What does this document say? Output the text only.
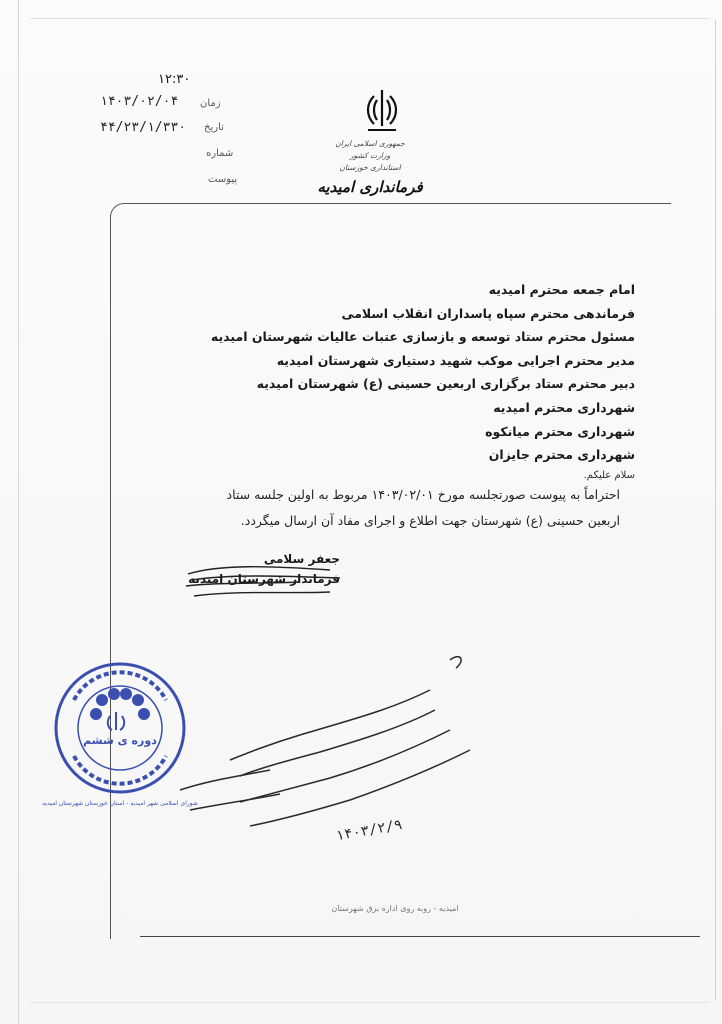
۱۲:۳۰
۱۴۰۳/۰۲/۰۴ زمان
۴۴/۲۳/۱/۳۳۰ تاریخ
شماره
پیوست
جمهوری اسلامی ایران
وزارت کشور
استانداری خوزستان
فرمانداری امیدیه
امام جمعه محترم امیدیه
فرماندهی محترم سپاه پاسداران انقلاب اسلامی
مسئول محترم ستاد توسعه و بازسازی عتبات عالیات شهرستان امیدیه
مدیر محترم اجرایی موکب شهید دستیاری شهرستان امیدیه
دبیر محترم ستاد برگزاری اربعین حسینی (ع) شهرستان امیدیه
شهرداری محترم امیدیه
شهرداری محترم میانکوه
شهرداری محترم جایزان
سلام علیکم.
احتراماً به پیوست صورتجلسه مورخ ۱۴۰۳/۰۲/۰۱ مربوط به اولین جلسه ستاد
اربعین حسینی (ع) شهرستان جهت اطلاع و اجرای مفاد آن ارسال میگردد.
جعفر سلامی
فرماندار شهرستان امیدیه
دوره ی ششم
شورای اسلامی شهر امیدیه - استان خوزستان شهرستان امیدیه
۱۴۰۳/۲/۹
امیدیه - روبه روی اداره برق شهرستان
